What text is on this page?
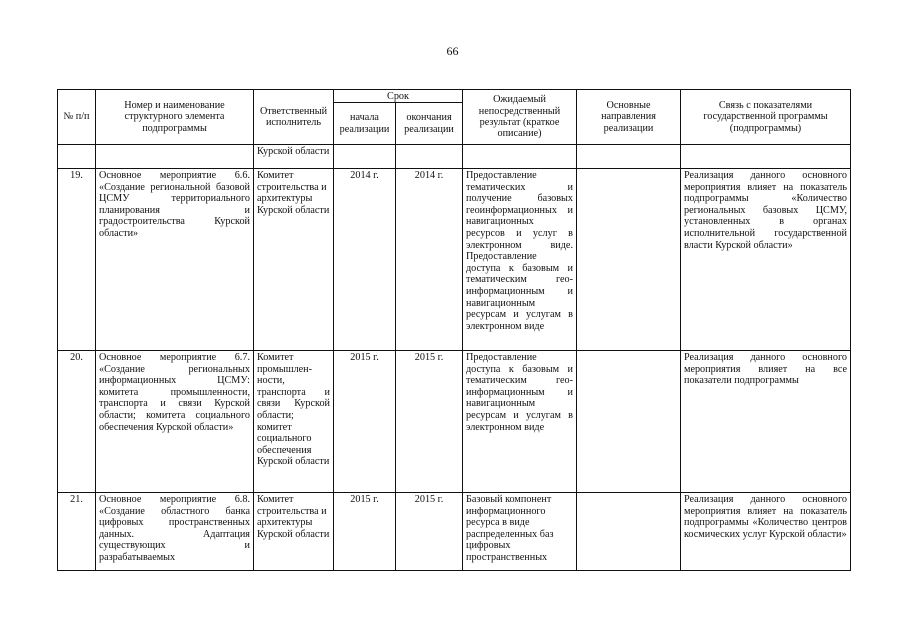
66
№ п/п	Номер и наименование структурного элемента подпрограммы	Ответственный исполнитель	Срок		Ожидаемый непосредственный результат (краткое описание)	Основные направления реализации	Связь с показателями государственной программы (подпрограммы)
			начала реализации	окончания реализации			
		Курской области					
19.	Основное мероприятие 6.6. «Создание региональной базовой ЦСМУ территориального планирования и градостроительства Курской области»	Комитет строительства и архитектуры Курской области	2014 г.	2014 г.	Предоставление тематических и получение базовых геоинформационных и навигационных ресурсов и услуг в электронном виде. Предоставление доступа к базовым и тематическим гео-информационным и навигационным ресурсам и услугам в электронном виде		Реализация данного основного мероприятия влияет на показатель подпрограммы «Количество региональных базовых ЦСМУ, установленных в органах исполнительной государственной власти Курской области»
20.	Основное мероприятие 6.7. «Создание региональных информационных ЦСМУ: комитета промышленности, транспорта и связи Курской области; комитета социального обеспечения Курской области»	Комитет промышлен-ности, транспорта и связи Курской области; комитет социального обеспечения Курской области	2015 г.	2015 г.	Предоставление доступа к базовым и тематическим гео-информационным и навигационным ресурсам и услугам в электронном виде		Реализация данного основного мероприятия влияет на все показатели подпрограммы
21.	Основное мероприятие 6.8. «Создание областного банка цифровых пространственных данных. Адаптация существующих и разрабатываемых	Комитет строительства и архитектуры Курской области	2015 г.	2015 г.	Базовый компонент информационного ресурса в виде распределенных баз цифровых пространственных		Реализация данного основного мероприятия влияет на показатель подпрограммы «Количество центров космических услуг Курской области»
